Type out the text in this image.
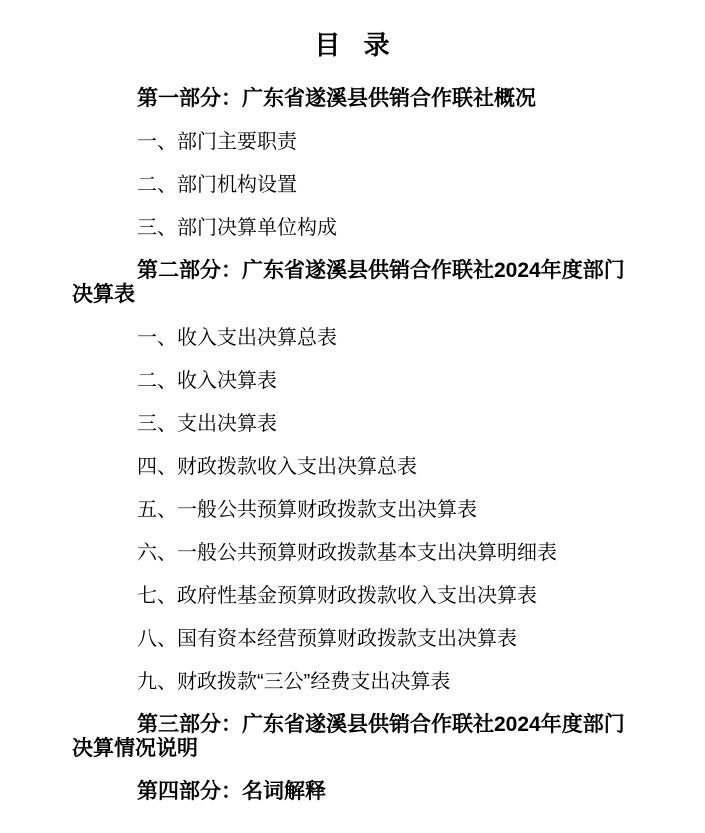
目 录

第一部分：广东省遂溪县供销合作联社概况

一、部门主要职责

二、部门机构设置

三、部门决算单位构成

第二部分：广东省遂溪县供销合作联社2024年度部门决算表

一、收入支出决算总表

二、收入决算表

三、支出决算表

四、财政拨款收入支出决算总表

五、一般公共预算财政拨款支出决算表

六、一般公共预算财政拨款基本支出决算明细表

七、政府性基金预算财政拨款收入支出决算表

八、国有资本经营预算财政拨款支出决算表

九、财政拨款“三公”经费支出决算表

第三部分：广东省遂溪县供销合作联社2024年度部门决算情况说明

第四部分：名词解释
